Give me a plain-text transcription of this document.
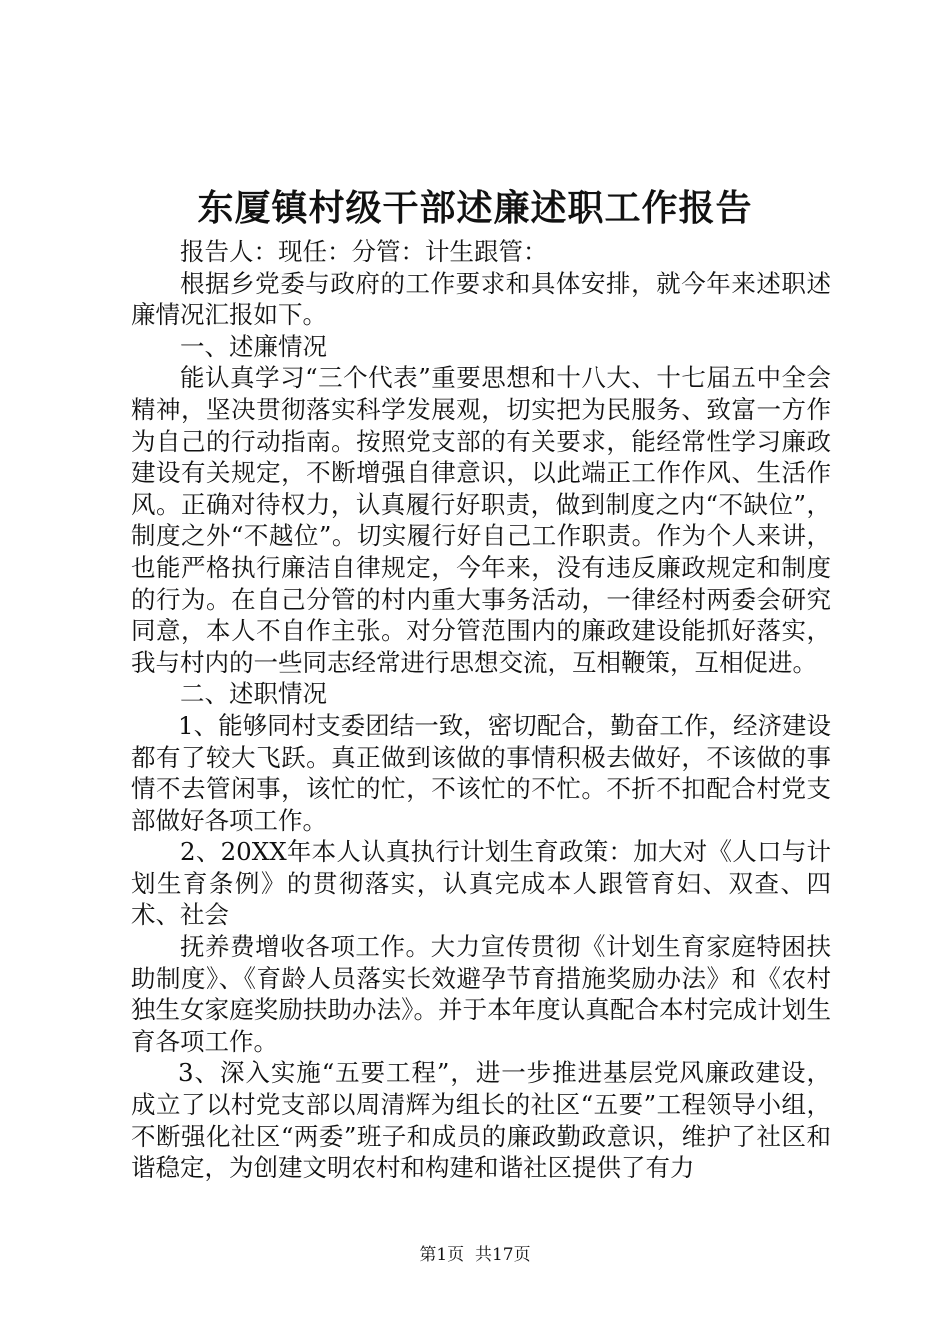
东厦镇村级干部述廉述职工作报告

报告人：现任：分管：计生跟管：

根据乡党委与政府的工作要求和具体安排，就今年来述职述廉情况汇报如下。

一、述廉情况

能认真学习“三个代表”重要思想和十八大、十七届五中全会精神，坚决贯彻落实科学发展观，切实把为民服务、致富一方作为自己的行动指南。按照党支部的有关要求，能经常性学习廉政建设有关规定，不断增强自律意识，以此端正工作作风、生活作风。正确对待权力，认真履行好职责，做到制度之内“不缺位”，制度之外“不越位”。切实履行好自己工作职责。作为个人来讲，也能严格执行廉洁自律规定，今年来，没有违反廉政规定和制度的行为。在自己分管的村内重大事务活动，一律经村两委会研究同意，本人不自作主张。对分管范围内的廉政建设能抓好落实，我与村内的一些同志经常进行思想交流，互相鞭策，互相促进。

二、述职情况

1、能够同村支委团结一致，密切配合，勤奋工作，经济建设都有了较大飞跃。真正做到该做的事情积极去做好，不该做的事情不去管闲事，该忙的忙，不该忙的不忙。不折不扣配合村党支部做好各项工作。

2、20XX年本人认真执行计划生育政策：加大对《人口与计划生育条例》的贯彻落实，认真完成本人跟管育妇、双查、四术、社会

抚养费增收各项工作。大力宣传贯彻《计划生育家庭特困扶助制度》、《育龄人员落实长效避孕节育措施奖励办法》和《农村独生女家庭奖励扶助办法》。并于本年度认真配合本村完成计划生育各项工作。

3、深入实施“五要工程”，进一步推进基层党风廉政建设，成立了以村党支部以周清辉为组长的社区“五要”工程领导小组，不断强化社区“两委”班子和成员的廉政勤政意识，维护了社区和谐稳定，为创建文明农村和构建和谐社区提供了有力

第1页  共17页
